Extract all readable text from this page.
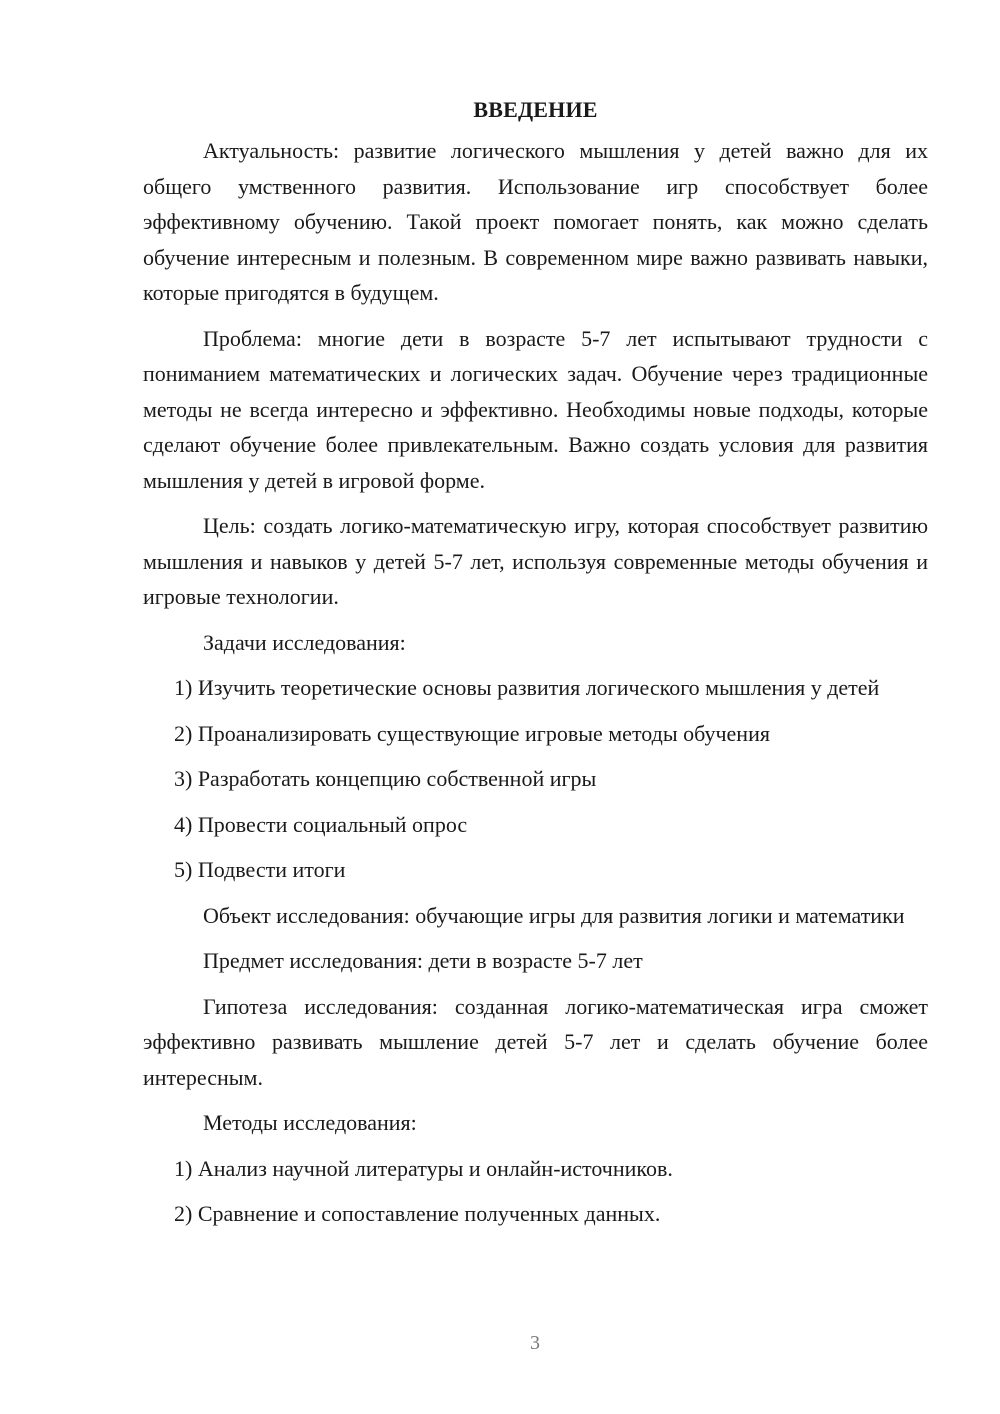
ВВЕДЕНИЕ

Актуальность: развитие логического мышления у детей важно для их общего умственного развития. Использование игр способствует более эффективному обучению. Такой проект помогает понять, как можно сделать обучение интересным и полезным. В современном мире важно развивать навыки, которые пригодятся в будущем.

Проблема: многие дети в возрасте 5-7 лет испытывают трудности с пониманием математических и логических задач. Обучение через традиционные методы не всегда интересно и эффективно. Необходимы новые подходы, которые сделают обучение более привлекательным. Важно создать условия для развития мышления у детей в игровой форме.

Цель: создать логико-математическую игру, которая способствует развитию мышления и навыков у детей 5-7 лет, используя современные методы обучения и игровые технологии.

Задачи исследования:

1) Изучить теоретические основы развития логического мышления у детей

2) Проанализировать существующие игровые методы обучения

3) Разработать концепцию собственной игры

4) Провести социальный опрос

5) Подвести итоги

Объект исследования: обучающие игры для развития логики и математики

Предмет исследования: дети в возрасте 5-7 лет

Гипотеза исследования: созданная логико-математическая игра сможет эффективно развивать мышление детей 5-7 лет и сделать обучение более интересным.

Методы исследования:

1) Анализ научной литературы и онлайн-источников.

2) Сравнение и сопоставление полученных данных.

3
